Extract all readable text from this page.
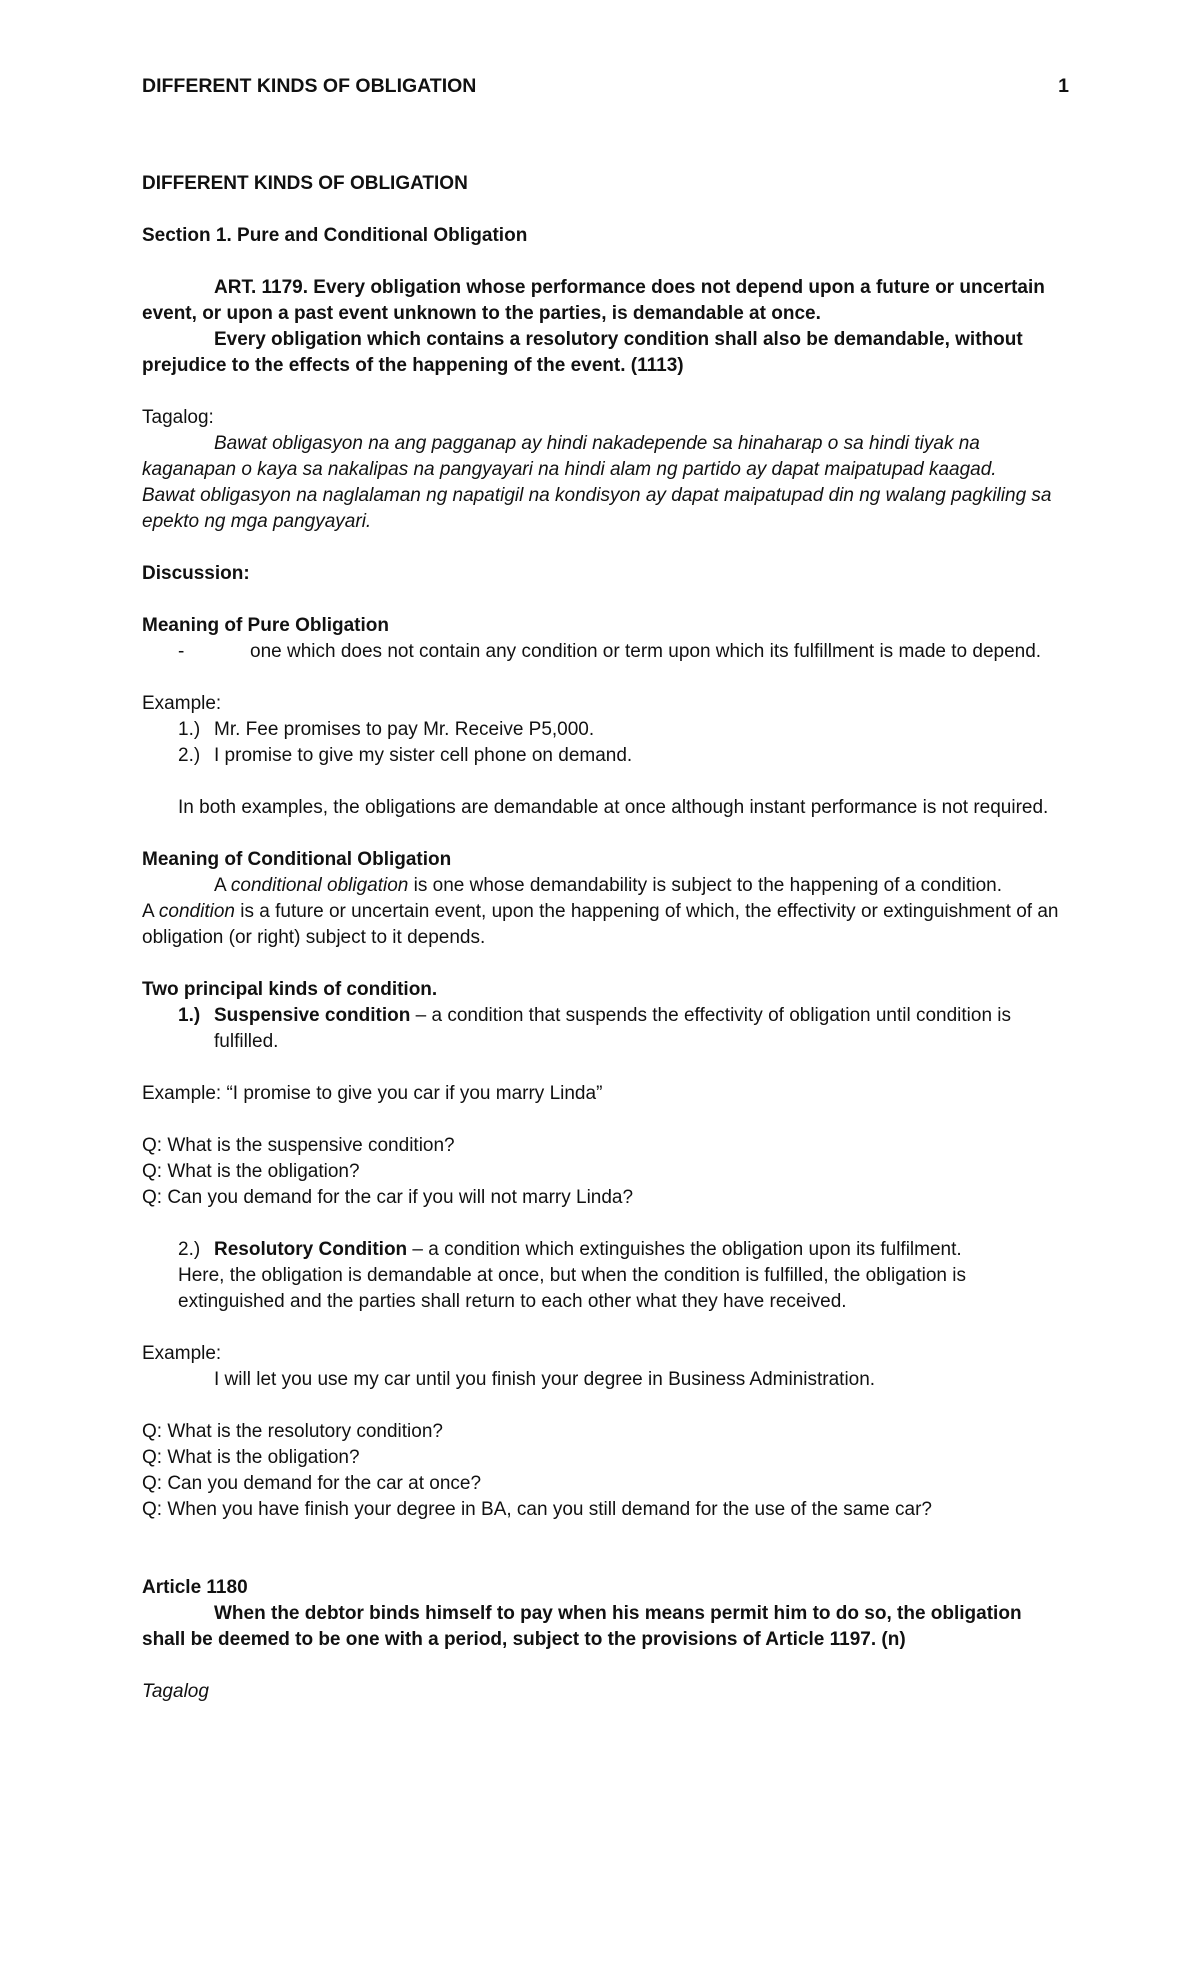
DIFFERENT KINDS OF OBLIGATION	1

DIFFERENT KINDS OF OBLIGATION

Section 1. Pure and Conditional Obligation

ART. 1179. Every obligation whose performance does not depend upon a future or uncertain event, or upon a past event unknown to the parties, is demandable at once.

Every obligation which contains a resolutory condition shall also be demandable, without prejudice to the effects of the happening of the event. (1113)

Tagalog:

Bawat obligasyon na ang pagganap ay hindi nakadepende sa hinaharap o sa hindi tiyak na kaganapan o kaya sa nakalipas na pangyayari na hindi alam ng partido ay dapat maipatupad kaagad.

Bawat obligasyon na naglalaman ng napatigil na kondisyon ay dapat maipatupad din ng walang pagkiling sa epekto ng mga pangyayari.

Discussion:

Meaning of Pure Obligation

-	one which does not contain any condition or term upon which its fulfillment is made to depend.

Example:

1.) Mr. Fee promises to pay Mr. Receive P5,000.
2.) I promise to give my sister cell phone on demand.

In both examples, the obligations are demandable at once although instant performance is not required.

Meaning of Conditional Obligation

A conditional obligation is one whose demandability is subject to the happening of a condition.

A condition is a future or uncertain event, upon the happening of which, the effectivity or extinguishment of an obligation (or right) subject to it depends.

Two principal kinds of condition.

1.) Suspensive condition – a condition that suspends the effectivity of obligation until condition is fulfilled.

Example: “I promise to give you car if you marry Linda”

Q: What is the suspensive condition?

Q: What is the obligation?

Q: Can you demand for the car if you will not marry Linda?

2.) Resolutory Condition – a condition which extinguishes the obligation upon its fulfilment.

Here, the obligation is demandable at once, but when the condition is fulfilled, the obligation is extinguished and the parties shall return to each other what they have received.

Example:

I will let you use my car until you finish your degree in Business Administration.

Q: What is the resolutory condition?

Q: What is the obligation?

Q: Can you demand for the car at once?

Q: When you have finish your degree in BA, can you still demand for the use of the same car?

Article 1180

When the debtor binds himself to pay when his means permit him to do so, the obligation shall be deemed to be one with a period, subject to the provisions of Article 1197. (n)

Tagalog
